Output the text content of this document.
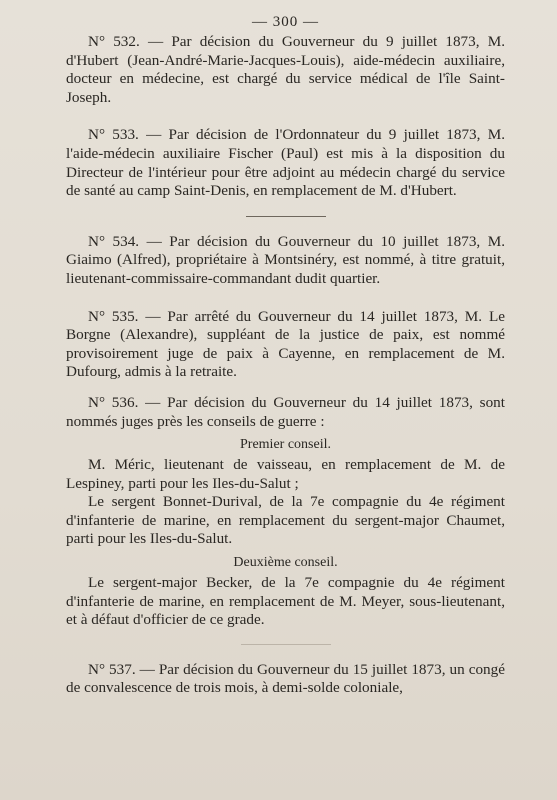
— 300 —

N° 532. — Par décision du Gouverneur du 9 juillet 1873, M. d'Hubert (Jean-André-Marie-Jacques-Louis), aide-médecin auxiliaire, docteur en médecine, est chargé du service médical de l'île Saint-Joseph.

N° 533. — Par décision de l'Ordonnateur du 9 juillet 1873, M. l'aide-médecin auxiliaire Fischer (Paul) est mis à la disposition du Directeur de l'intérieur pour être adjoint au médecin chargé du service de santé au camp Saint-Denis, en remplacement de M. d'Hubert.

N° 534. — Par décision du Gouverneur du 10 juillet 1873, M. Giaimo (Alfred), propriétaire à Montsinéry, est nommé, à titre gratuit, lieutenant-commissaire-commandant dudit quartier.

N° 535. — Par arrêté du Gouverneur du 14 juillet 1873, M. Le Borgne (Alexandre), suppléant de la justice de paix, est nommé provisoirement juge de paix à Cayenne, en remplacement de M. Dufourg, admis à la retraite.

N° 536. — Par décision du Gouverneur du 14 juillet 1873, sont nommés juges près les conseils de guerre :

Premier conseil.

M. Méric, lieutenant de vaisseau, en remplacement de M. de Lespiney, parti pour les Iles-du-Salut ;

Le sergent Bonnet-Durival, de la 7e compagnie du 4e régiment d'infanterie de marine, en remplacement du sergent-major Chaumet, parti pour les Iles-du-Salut.

Deuxième conseil.

Le sergent-major Becker, de la 7e compagnie du 4e régiment d'infanterie de marine, en remplacement de M. Meyer, sous-lieutenant, et à défaut d'officier de ce grade.

N° 537. — Par décision du Gouverneur du 15 juillet 1873, un congé de convalescence de trois mois, à demi-solde coloniale,
